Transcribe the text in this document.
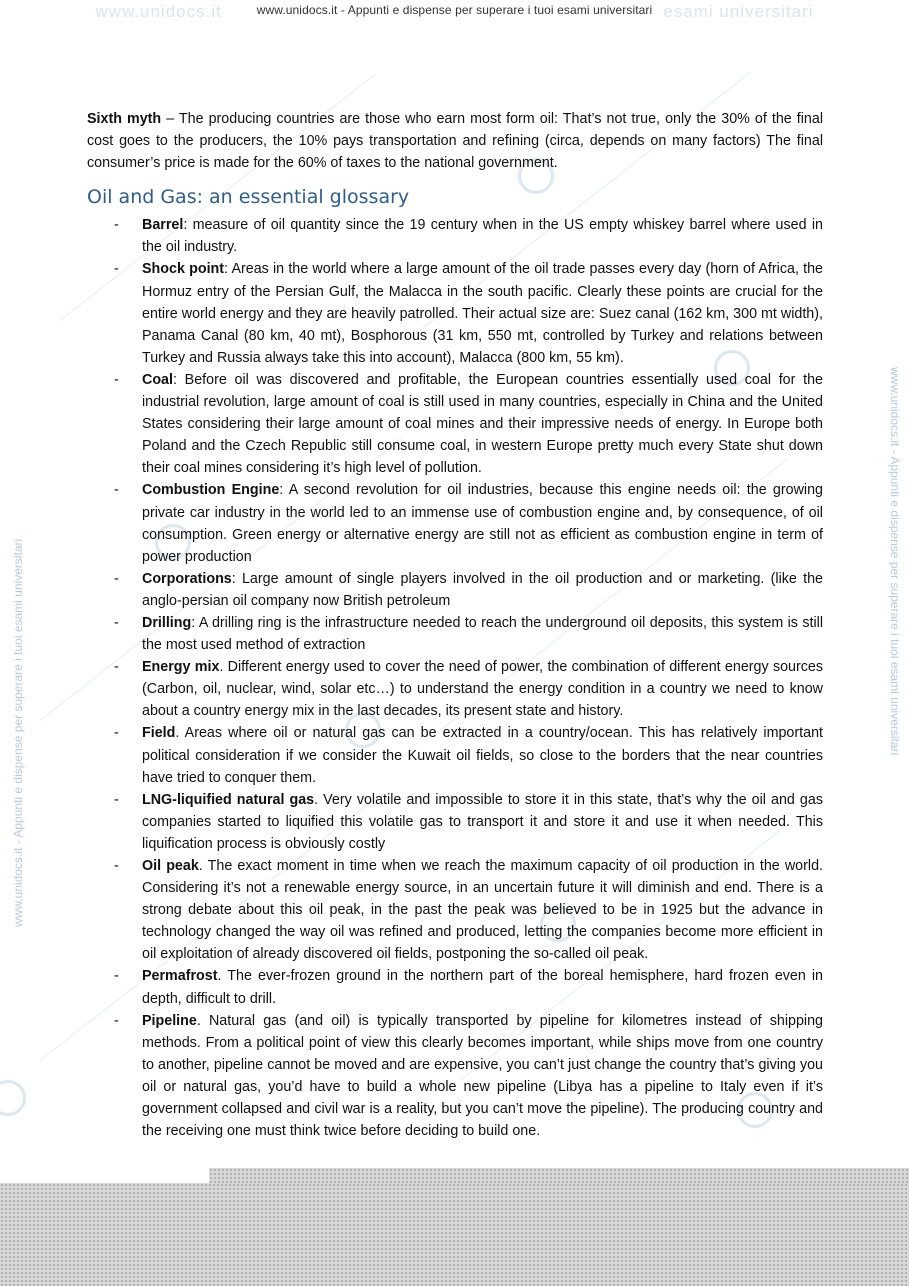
www.unidocs.it	esami universitari
www.unidocs.it - Appunti e dispense per superare i tuoi esami universitari
www.unidocs.it - Appunti e dispense per superare i tuoi esami universitari	www.unidocs.it - Appunti e dispense per superare i tuoi esami universitari

Sixth myth – The producing countries are those who earn most form oil: That’s not true, only the 30% of the final cost goes to the producers, the 10% pays transportation and refining (circa, depends on many factors) The final consumer’s price is made for the 60% of taxes to the national government.

Oil and Gas: an essential glossary
- Barrel: measure of oil quantity since the 19 century when in the US empty whiskey barrel where used in the oil industry.
- Shock point: Areas in the world where a large amount of the oil trade passes every day (horn of Africa, the Hormuz entry of the Persian Gulf, the Malacca in the south pacific. Clearly these points are crucial for the entire world energy and they are heavily patrolled. Their actual size are: Suez canal (162 km, 300 mt width), Panama Canal (80 km, 40 mt), Bosphorous (31 km, 550 mt, controlled by Turkey and relations between Turkey and Russia always take this into account), Malacca (800 km, 55 km).
- Coal: Before oil was discovered and profitable, the European countries essentially used coal for the industrial revolution, large amount of coal is still used in many countries, especially in China and the United States considering their large amount of coal mines and their impressive needs of energy. In Europe both Poland and the Czech Republic still consume coal, in western Europe pretty much every State shut down their coal mines considering it’s high level of pollution.
- Combustion Engine: A second revolution for oil industries, because this engine needs oil: the growing private car industry in the world led to an immense use of combustion engine and, by consequence, of oil consumption. Green energy or alternative energy are still not as efficient as combustion engine in term of power production
- Corporations: Large amount of single players involved in the oil production and or marketing. (like the anglo-persian oil company now British petroleum
- Drilling: A drilling ring is the infrastructure needed to reach the underground oil deposits, this system is still the most used method of extraction
- Energy mix. Different energy used to cover the need of power, the combination of different energy sources (Carbon, oil, nuclear, wind, solar etc…) to understand the energy condition in a country we need to know about a country energy mix in the last decades, its present state and history.
- Field. Areas where oil or natural gas can be extracted in a country/ocean. This has relatively important political consideration if we consider the Kuwait oil fields, so close to the borders that the near countries have tried to conquer them.
- LNG-liquified natural gas. Very volatile and impossible to store it in this state, that’s why the oil and gas companies started to liquified this volatile gas to transport it and store it and use it when needed. This liquification process is obviously costly
- Oil peak. The exact moment in time when we reach the maximum capacity of oil production in the world. Considering it’s not a renewable energy source, in an uncertain future it will diminish and end. There is a strong debate about this oil peak, in the past the peak was believed to be in 1925 but the advance in technology changed the way oil was refined and produced, letting the companies become more efficient in oil exploitation of already discovered oil fields, postponing the so-called oil peak.
- Permafrost. The ever-frozen ground in the northern part of the boreal hemisphere, hard frozen even in depth, difficult to drill.
- Pipeline. Natural gas (and oil) is typically transported by pipeline for kilometres instead of shipping methods. From a political point of view this clearly becomes important, while ships move from one country to another, pipeline cannot be moved and are expensive, you can’t just change the country that’s giving you oil or natural gas, you’d have to build a whole new pipeline (Libya has a pipeline to Italy even if it’s government collapsed and civil war is a reality, but you can’t move the pipeline). The producing country and the receiving one must think twice before deciding to build one.
